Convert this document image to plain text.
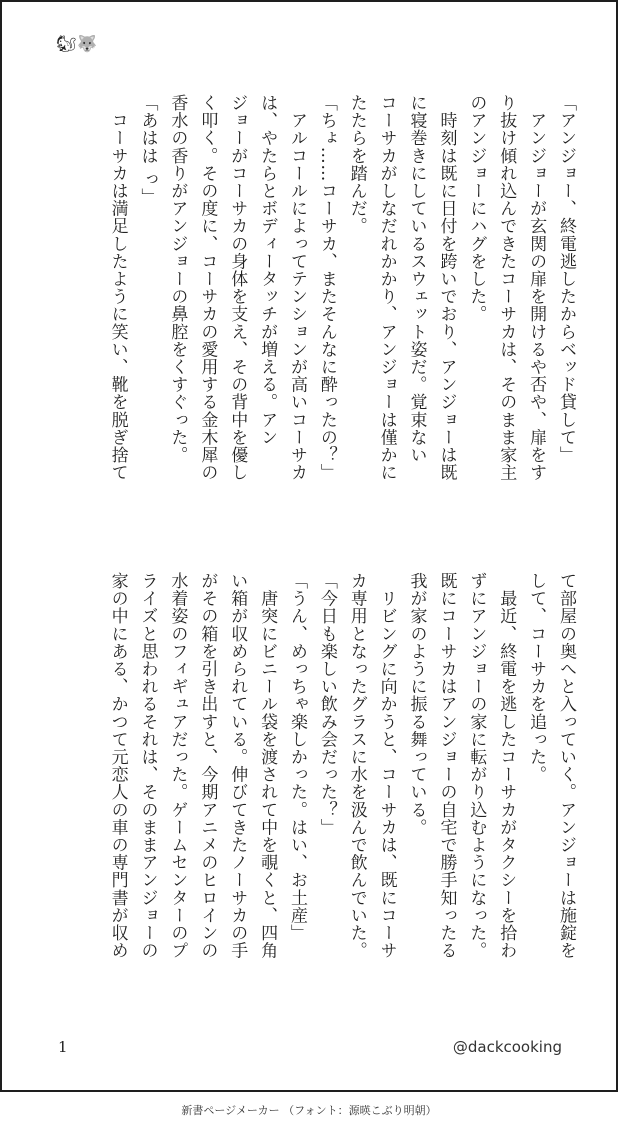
🐿🐺
「アンジョー、終電逃したからベッド貸して」
　アンジョーが玄関の扉を開けるや否や、扉をす
り抜け傾れ込んできたコーサカは、そのまま家主
のアンジョーにハグをした。
　時刻は既に日付を跨いでおり、アンジョーは既
に寝巻きにしているスウェット姿だ。覚束ない
コーサカがしなだれかかり、アンジョーは僅かに
たたらを踏んだ。
「ちょ……コーサカ、またそんなに酔ったの？」
　アルコールによってテンションが高いコーサカ
は、やたらとボディータッチが増える。アン
ジョーがコーサカの身体を支え、その背中を優し
く叩く。その度に、コーサカの愛用する金木犀の
香水の香りがアンジョーの鼻腔をくすぐった。
「あはは っ」
　コーサカは満足したように笑い、靴を脱ぎ捨て
て部屋の奥へと入っていく。アンジョーは施錠を
して、コーサカを追った。
　最近、終電を逃したコーサカがタクシーを拾わ
ずにアンジョーの家に転がり込むようになった。
既にコーサカはアンジョーの自宅で勝手知ったる
我が家のように振る舞っている。
　リビングに向かうと、コーサカは、既にコーサ
カ専用となったグラスに水を汲んで飲んでいた。
「今日も楽しい飲み会だった？」
「うん、めっちゃ楽しかった。はい、お土産」
　唐突にビニール袋を渡されて中を覗くと、四角
い箱が収められている。伸びてきたノーサカの手
がその箱を引き出すと、今期アニメのヒロインの
水着姿のフィギュアだった。ゲームセンターのプ
ライズと思われるそれは、そのままアンジョーの
家の中にある、かつて元恋人の車の専門書が収め
1	@dackcooking
新書ページメーカー （フォント：源暎こぶり明朝）
